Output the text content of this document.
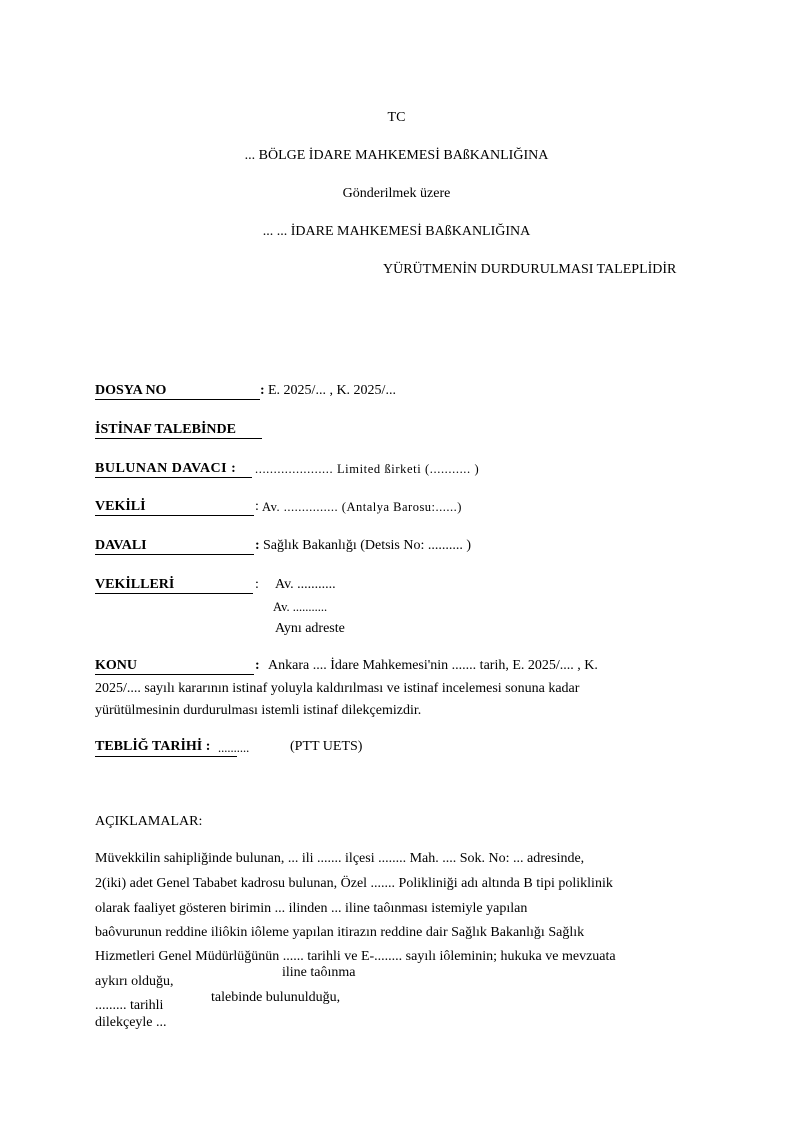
TC
... BÖLGE İDARE MAHKEMESİ BAßKANLIĞINA
Gönderilmek üzere
... ... İDARE MAHKEMESİ BAßKANLIĞINA
YÜRÜTMENİN DURDURULMASI TALEPLİDİR
DOSYA NO	: E. 2025/... , K. 2025/...
İSTİNAF TALEBİNDE
BULUNAN DAVACI : ..................... Limited ßirketi (........... )
VEKİLİ	: Av. ............... (Antalya Barosu:......)
DAVALI	: Sağlık Bakanlığı (Detsis No: .......... )
VEKİLLERİ	: Av. ...........
Av. ...........
Aynı adreste
KONU	: Ankara .... İdare Mahkemesi'nin ....... tarih, E. 2025/.... , K.
2025/.... sayılı kararının istinaf yoluyla kaldırılması ve istinaf incelemesi sonuna kadar
yürütülmesinin durdurulması istemli istinaf dilekçemizdir.
TEBLİĞ TARİHİ : ..........	(PTT UETS)
AÇIKLAMALAR:
Müvekkilin sahipliğinde bulunan, ... ili ....... ilçesi ........ Mah. .... Sok. No: ... adresinde,
2(iki) adet Genel Tababet kadrosu bulunan, Özel ....... Polikliniği adı altında B tipi poliklinik
olarak faaliyet gösteren birimin ... ilinden ... iline taôınması istemiyle yapılan
baôvurunun reddine iliôkin iôleme yapılan itirazın reddine dair Sağlık Bakanlığı Sağlık
Hizmetleri Genel Müdürlüğünün ...... tarihli ve E-........ sayılı iôleminin; hukuka ve mevzuata
aykırı olduğu,
iline taôınma
......... tarihli
talebinde bulunulduğu,
dilekçeyle ...
